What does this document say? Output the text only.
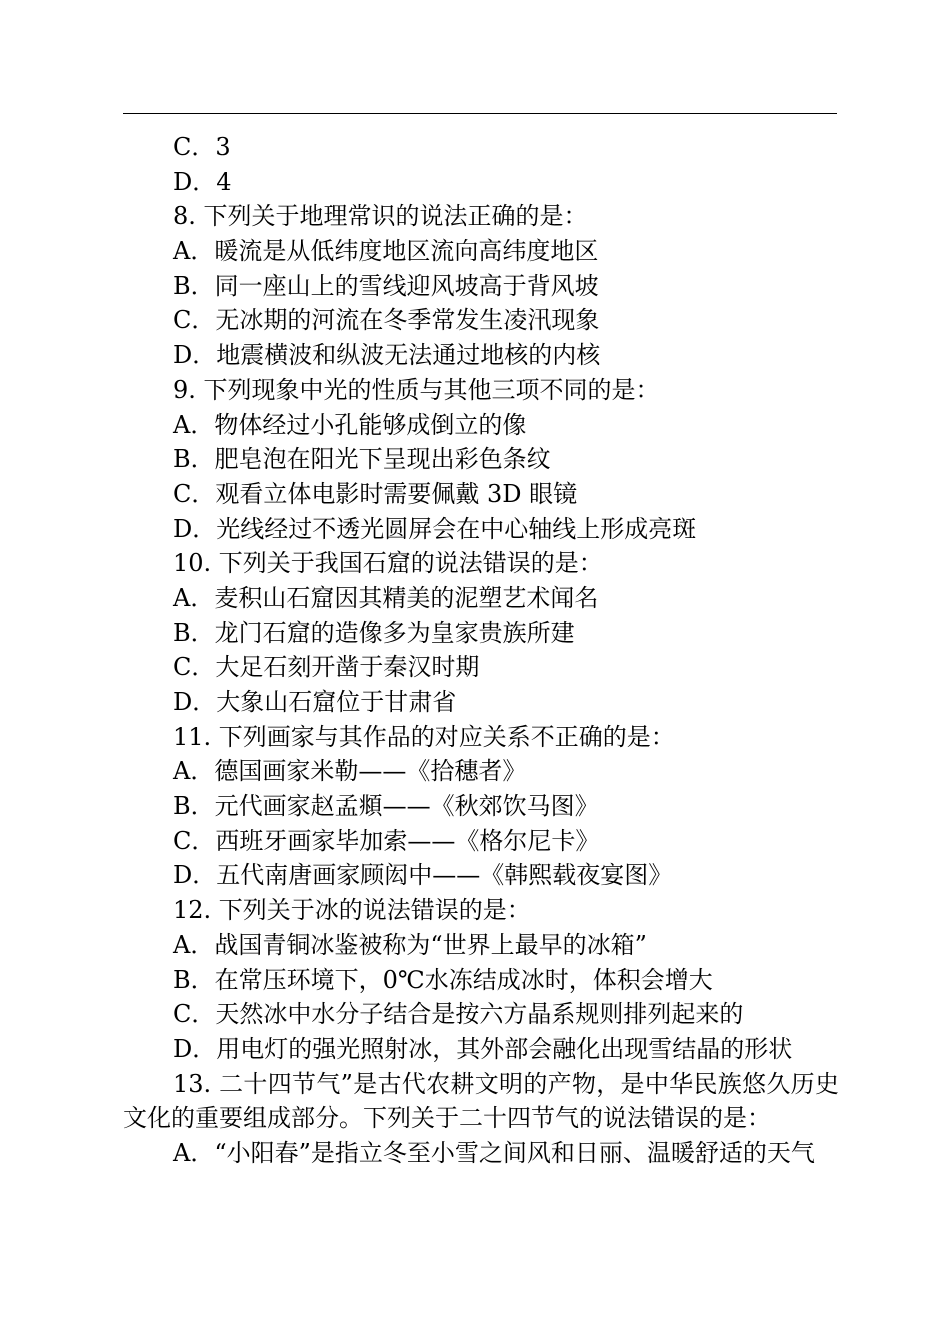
C．3
D．4
8. 下列关于地理常识的说法正确的是：
A．暖流是从低纬度地区流向高纬度地区
B．同一座山上的雪线迎风坡高于背风坡
C．无冰期的河流在冬季常发生凌汛现象
D．地震横波和纵波无法通过地核的内核
9. 下列现象中光的性质与其他三项不同的是：
A．物体经过小孔能够成倒立的像
B．肥皂泡在阳光下呈现出彩色条纹
C．观看立体电影时需要佩戴 3D 眼镜
D．光线经过不透光圆屏会在中心轴线上形成亮斑
10. 下列关于我国石窟的说法错误的是：
A．麦积山石窟因其精美的泥塑艺术闻名
B．龙门石窟的造像多为皇家贵族所建
C．大足石刻开凿于秦汉时期
D．大象山石窟位于甘肃省
11. 下列画家与其作品的对应关系不正确的是：
A．德国画家米勒——《拾穗者》
B．元代画家赵孟頫——《秋郊饮马图》
C．西班牙画家毕加索——《格尔尼卡》
D．五代南唐画家顾闳中——《韩熙载夜宴图》
12. 下列关于冰的说法错误的是：
A．战国青铜冰鉴被称为“世界上最早的冰箱”
B．在常压环境下，0℃水冻结成冰时，体积会增大
C．天然冰中水分子结合是按六方晶系规则排列起来的
D．用电灯的强光照射冰，其外部会融化出现雪结晶的形状
13. 二十四节气”是古代农耕文明的产物，是中华民族悠久历史文化的重要组成部分。下列关于二十四节气的说法错误的是：
A．“小阳春”是指立冬至小雪之间风和日丽、温暖舒适的天气
